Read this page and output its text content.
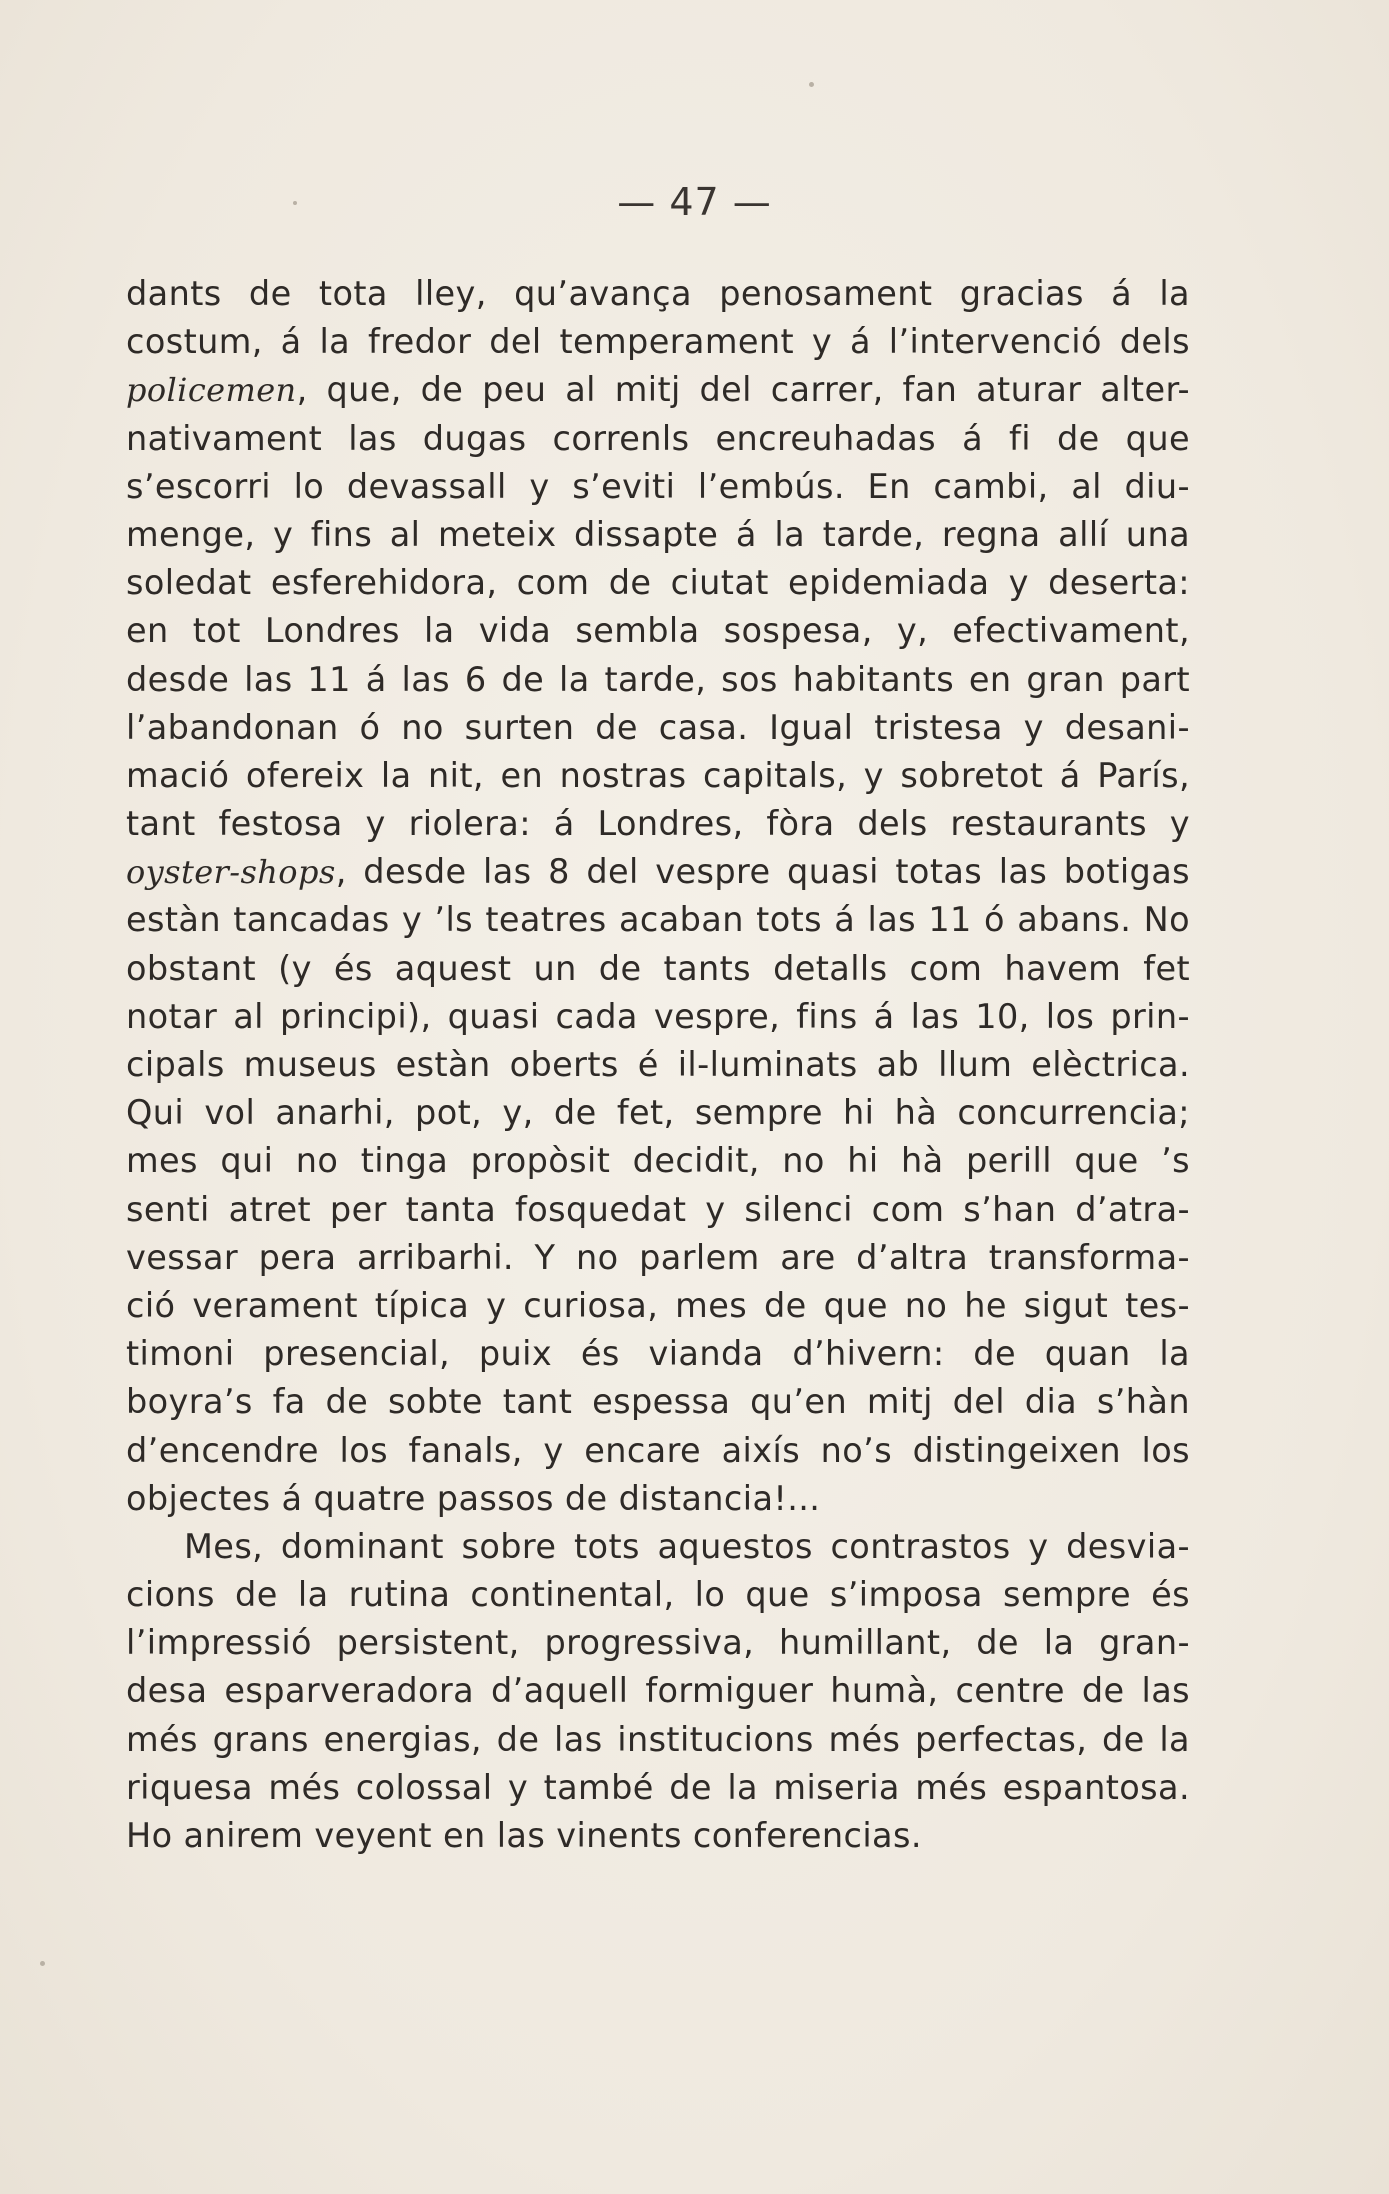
— 47 —
dants de tota lley, qu’avança penosament gracias á la
costum, á la fredor del temperament y á l’intervenció dels
policemen, que, de peu al mitj del carrer, fan aturar alter-
nativament las dugas correnls encreuhadas á fi de que
s’escorri lo devassall y s’eviti l’embús. En cambi, al diu-
menge, y fins al meteix dissapte á la tarde, regna allí una
soledat esferehidora, com de ciutat epidemiada y deserta:
en tot Londres la vida sembla sospesa, y, efectivament,
desde las 11 á las 6 de la tarde, sos habitants en gran part
l’abandonan ó no surten de casa. Igual tristesa y desani-
mació ofereix la nit, en nostras capitals, y sobretot á París,
tant festosa y riolera: á Londres, fòra dels restaurants y
oyster-shops, desde las 8 del vespre quasi totas las botigas
estàn tancadas y ’ls teatres acaban tots á las 11 ó abans. No
obstant (y és aquest un de tants detalls com havem fet
notar al principi), quasi cada vespre, fins á las 10, los prin-
cipals museus estàn oberts é il-luminats ab llum elèctrica.
Qui vol anarhi, pot, y, de fet, sempre hi hà concurrencia;
mes qui no tinga propòsit decidit, no hi hà perill que ’s
senti atret per tanta fosquedat y silenci com s’han d’atra-
vessar pera arribarhi. Y no parlem are d’altra transforma-
ció verament típica y curiosa, mes de que no he sigut tes-
timoni presencial, puix és vianda d’hivern: de quan la
boyra’s fa de sobte tant espessa qu’en mitj del dia s’hàn
d’encendre los fanals, y encare aixís no’s distingeixen los
objectes á quatre passos de distancia!...
Mes, dominant sobre tots aquestos contrastos y desvia-
cions de la rutina continental, lo que s’imposa sempre és
l’impressió persistent, progressiva, humillant, de la gran-
desa esparveradora d’aquell formiguer humà, centre de las
més grans energias, de las institucions més perfectas, de la
riquesa més colossal y també de la miseria més espantosa.
Ho anirem veyent en las vinents conferencias.
